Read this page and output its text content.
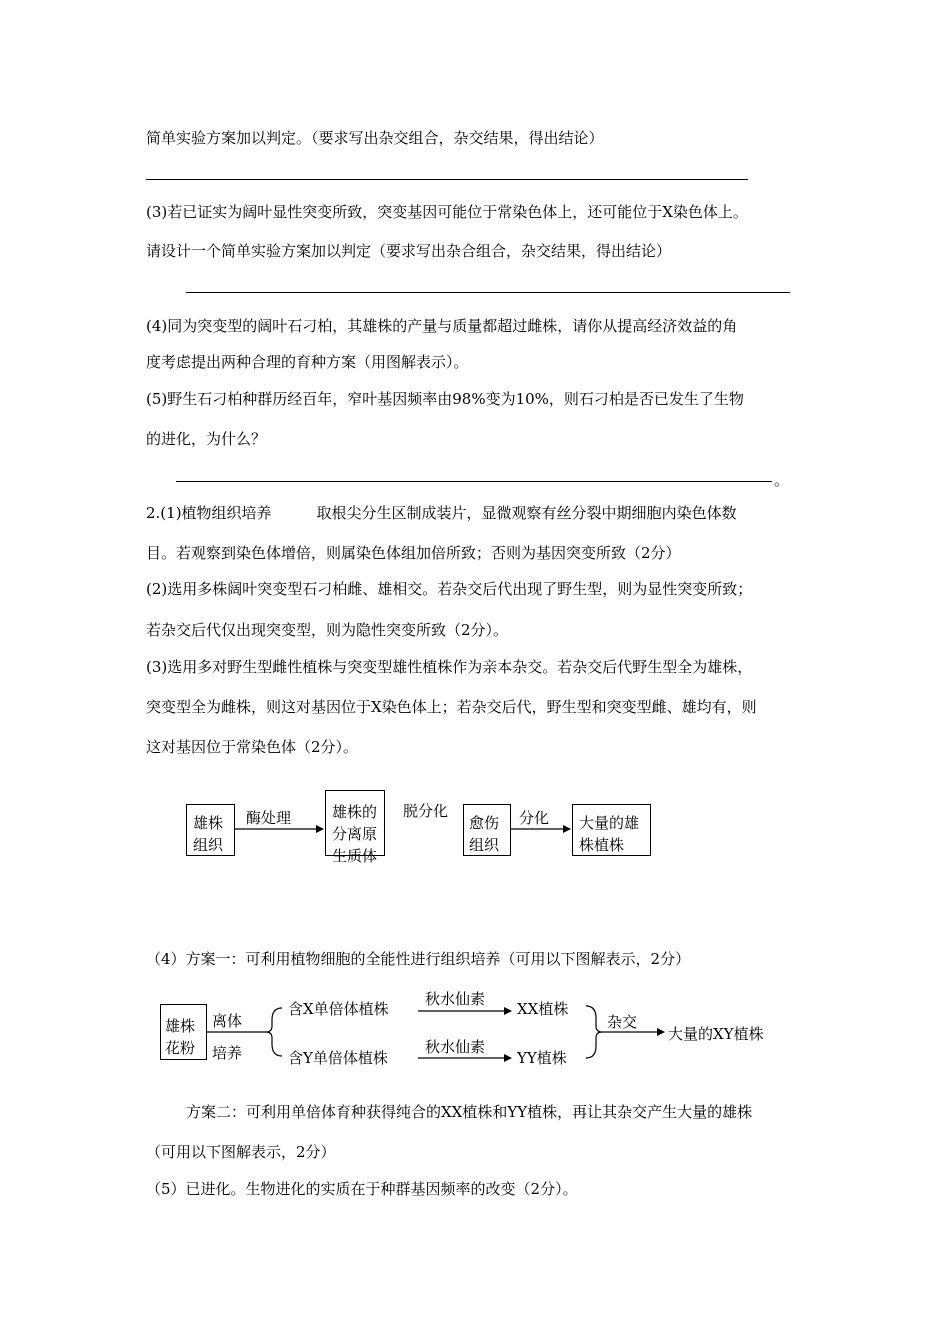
简单实验方案加以判定。（要求写出杂交组合，杂交结果，得出结论）
(3)若已证实为阔叶显性突变所致，突变基因可能位于常染色体上，还可能位于X染色体上。
请设计一个简单实验方案加以判定（要求写出杂合组合，杂交结果，得出结论）
(4)同为突变型的阔叶石刁柏，其雄株的产量与质量都超过雌株，请你从提高经济效益的角
度考虑提出两种合理的育种方案（用图解表示）。
(5)野生石刁柏种群历经百年，窄叶基因频率由98%变为10%，则石刁柏是否已发生了生物
的进化，为什么？
。
2.(1)植物组织培养　　　取根尖分生区制成装片，显微观察有丝分裂中期细胞内染色体数
目。若观察到染色体增倍，则属染色体组加倍所致；否则为基因突变所致（2分）
(2)选用多株阔叶突变型石刁柏雌、雄相交。若杂交后代出现了野生型，则为显性突变所致；
若杂交后代仅出现突变型，则为隐性突变所致（2分）。
(3)选用多对野生型雌性植株与突变型雄性植株作为亲本杂交。若杂交后代野生型全为雄株，
突变型全为雌株，则这对基因位于X染色体上；若杂交后代，野生型和突变型雌、雄均有，则
这对基因位于常染色体（2分）。
雄株组织
酶处理	雄株的分离原生质体
脱分化
愈伤组织
分化 大量的雄株植株
（4）方案一：可利用植物细胞的全能性进行组织培养（可用以下图解表示，2分）
雄株花粉
离体
培养
含X单倍体植株
含Y单倍体植株
秋水仙素
秋水仙素
XX植株
YY植株
杂交
大量的XY植株
方案二：可利用单倍体育种获得纯合的XX植株和YY植株，再让其杂交产生大量的雄株
（可用以下图解表示，2分）
（5）已进化。生物进化的实质在于种群基因频率的改变（2分）。
